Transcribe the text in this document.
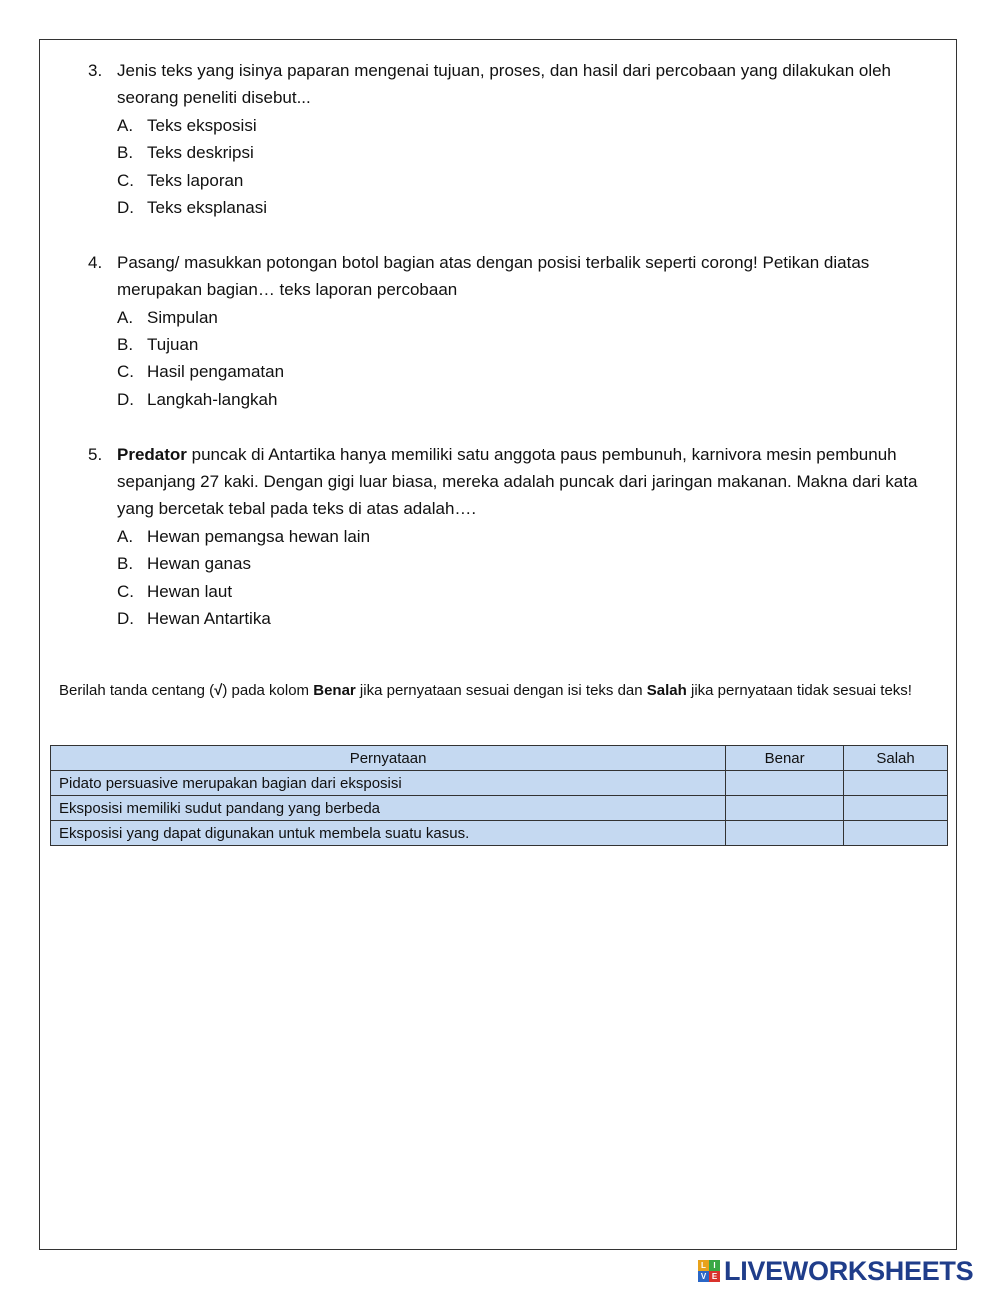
3. Jenis teks yang isinya paparan mengenai tujuan, proses, dan hasil dari percobaan yang dilakukan oleh seorang peneliti disebut...
A. Teks eksposisi
B. Teks deskripsi
C. Teks laporan
D. Teks eksplanasi
4. Pasang/ masukkan potongan botol bagian atas dengan posisi terbalik seperti corong! Petikan diatas merupakan bagian… teks laporan percobaan
A. Simpulan
B. Tujuan
C. Hasil pengamatan
D. Langkah-langkah
5. Predator puncak di Antartika hanya memiliki satu anggota paus pembunuh, karnivora mesin pembunuh sepanjang 27 kaki. Dengan gigi luar biasa, mereka adalah puncak dari jaringan makanan. Makna dari kata yang bercetak tebal pada teks di atas adalah….
A. Hewan pemangsa hewan lain
B. Hewan ganas
C. Hewan laut
D. Hewan Antartika
Berilah tanda centang (√) pada kolom Benar jika pernyataan sesuai dengan isi teks dan Salah jika pernyataan tidak sesuai teks!
Pernyataan	Benar	Salah
Pidato persuasive merupakan bagian dari eksposisi		
Eksposisi memiliki sudut pandang yang berbeda		
Eksposisi yang dapat digunakan untuk membela suatu kasus.		
L I
V E LIVEWORKSHEETS
